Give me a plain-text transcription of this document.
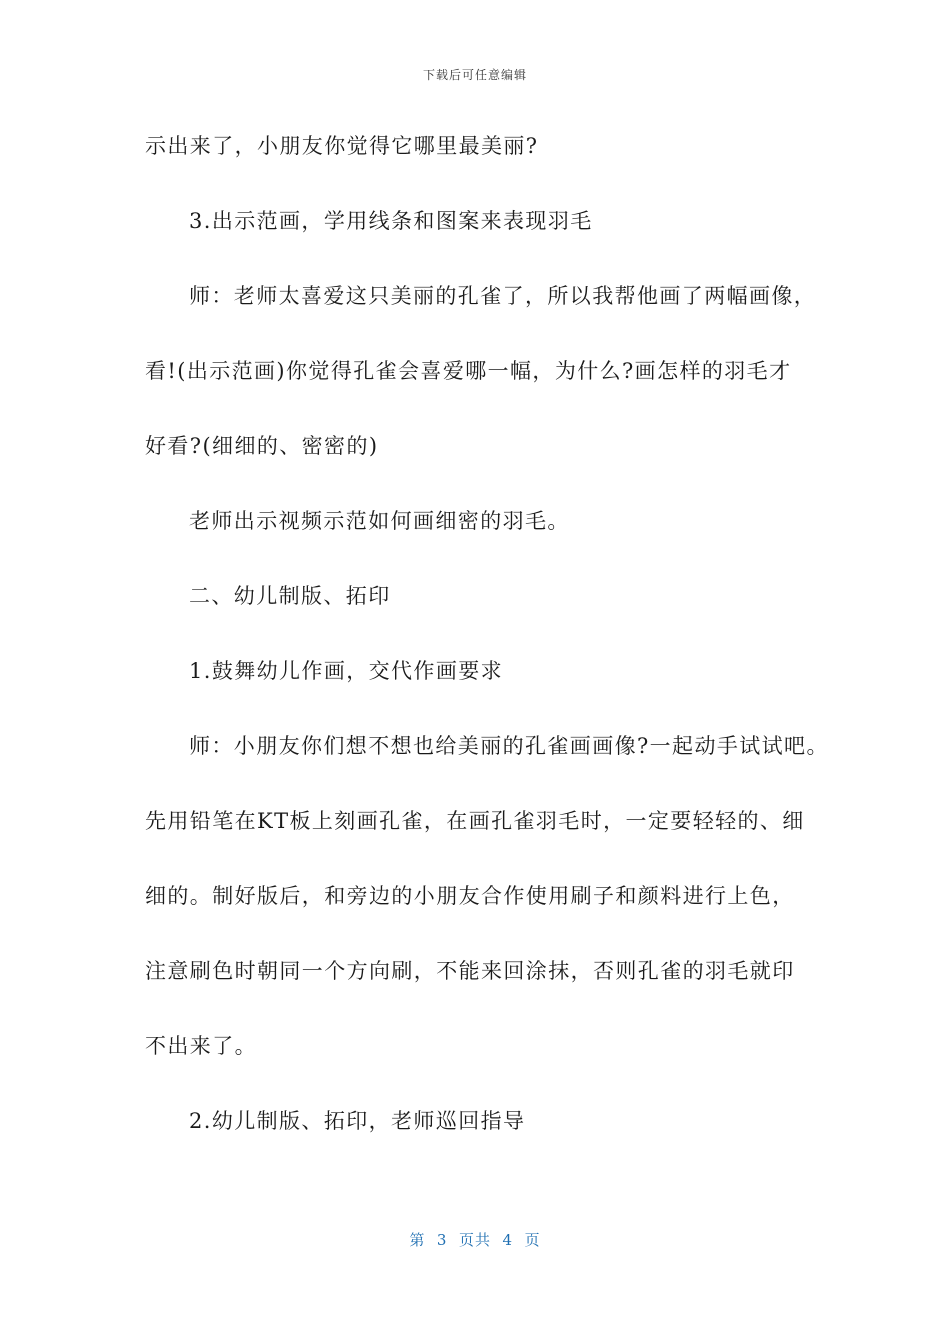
下载后可任意编辑
示出来了，小朋友你觉得它哪里最美丽?
3.出示范画，学用线条和图案来表现羽毛
师：老师太喜爱这只美丽的孔雀了，所以我帮他画了两幅画像，
看!(出示范画)你觉得孔雀会喜爱哪一幅，为什么?画怎样的羽毛才
好看?(细细的、密密的)
老师出示视频示范如何画细密的羽毛。
二、幼儿制版、拓印
1.鼓舞幼儿作画，交代作画要求
师：小朋友你们想不想也给美丽的孔雀画画像?一起动手试试吧。
先用铅笔在KT板上刻画孔雀，在画孔雀羽毛时，一定要轻轻的、细
细的。制好版后，和旁边的小朋友合作使用刷子和颜料进行上色，
注意刷色时朝同一个方向刷，不能来回涂抹，否则孔雀的羽毛就印
不出来了。
2.幼儿制版、拓印，老师巡回指导
第  3  页共  4  页
